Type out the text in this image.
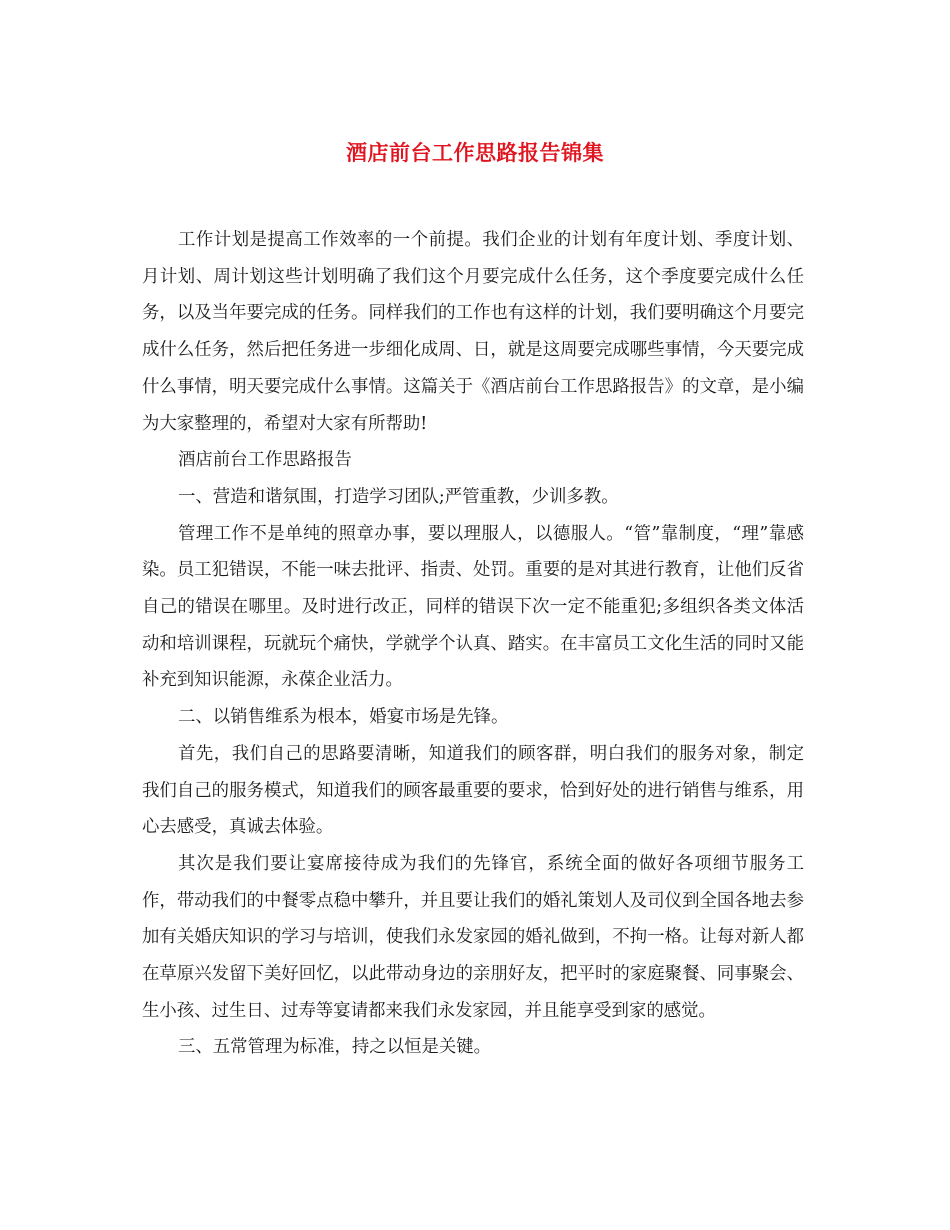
酒店前台工作思路报告锦集

工作计划是提高工作效率的一个前提。我们企业的计划有年度计划、季度计划、月计划、周计划这些计划明确了我们这个月要完成什么任务，这个季度要完成什么任务，以及当年要完成的任务。同样我们的工作也有这样的计划，我们要明确这个月要完成什么任务，然后把任务进一步细化成周、日，就是这周要完成哪些事情，今天要完成什么事情，明天要完成什么事情。这篇关于《酒店前台工作思路报告》的文章，是小编为大家整理的，希望对大家有所帮助!

酒店前台工作思路报告

一、营造和谐氛围，打造学习团队;严管重教，少训多教。

管理工作不是单纯的照章办事，要以理服人，以德服人。“管”靠制度，“理”靠感染。员工犯错误，不能一味去批评、指责、处罚。重要的是对其进行教育，让他们反省自己的错误在哪里。及时进行改正，同样的错误下次一定不能重犯;多组织各类文体活动和培训课程，玩就玩个痛快，学就学个认真、踏实。在丰富员工文化生活的同时又能补充到知识能源，永葆企业活力。

二、以销售维系为根本，婚宴市场是先锋。

首先，我们自己的思路要清晰，知道我们的顾客群，明白我们的服务对象，制定我们自己的服务模式，知道我们的顾客最重要的要求，恰到好处的进行销售与维系，用心去感受，真诚去体验。

其次是我们要让宴席接待成为我们的先锋官，系统全面的做好各项细节服务工作，带动我们的中餐零点稳中攀升，并且要让我们的婚礼策划人及司仪到全国各地去参加有关婚庆知识的学习与培训，使我们永发家园的婚礼做到，不拘一格。让每对新人都在草原兴发留下美好回忆，以此带动身边的亲朋好友，把平时的家庭聚餐、同事聚会、生小孩、过生日、过寿等宴请都来我们永发家园，并且能享受到家的感觉。

三、五常管理为标准，持之以恒是关键。
